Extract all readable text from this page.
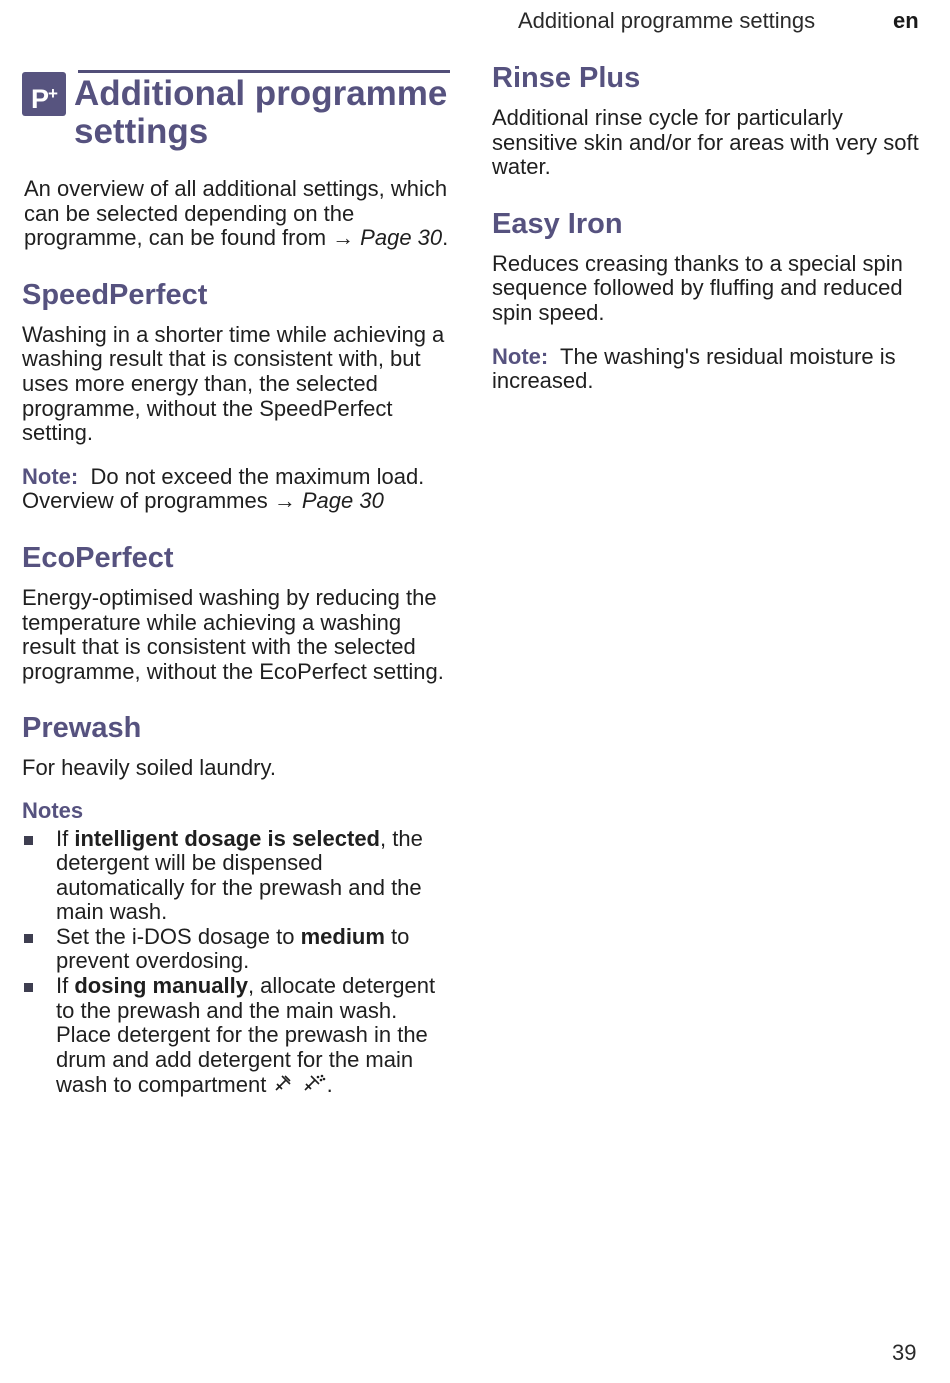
Additional programme settings	en
P+ Additional programme
settings

An overview of all additional settings, which can be selected depending on the programme, can be found from → Page 30.

SpeedPerfect

Washing in a shorter time while achieving a washing result that is consistent with, but uses more energy than, the selected programme, without the SpeedPerfect setting.

Note: Do not exceed the maximum load.
Overview of programmes → Page 30

EcoPerfect

Energy-optimised washing by reducing the temperature while achieving a washing result that is consistent with the selected programme, without the EcoPerfect setting.

Prewash

For heavily soiled laundry.

Notes
If intelligent dosage is selected, the detergent will be dispensed automatically for the prewash and the main wash.
Set the i-DOS dosage to medium to prevent overdosing.
If dosing manually, allocate detergent to the prewash and the main wash. Place detergent for the prewash in the drum and add detergent for the main wash to compartment  .
Rinse Plus

Additional rinse cycle for particularly sensitive skin and/or for areas with very soft water.

Easy Iron

Reduces creasing thanks to a special spin sequence followed by fluffing and reduced spin speed.

Note: The washing's residual moisture is increased.

39
